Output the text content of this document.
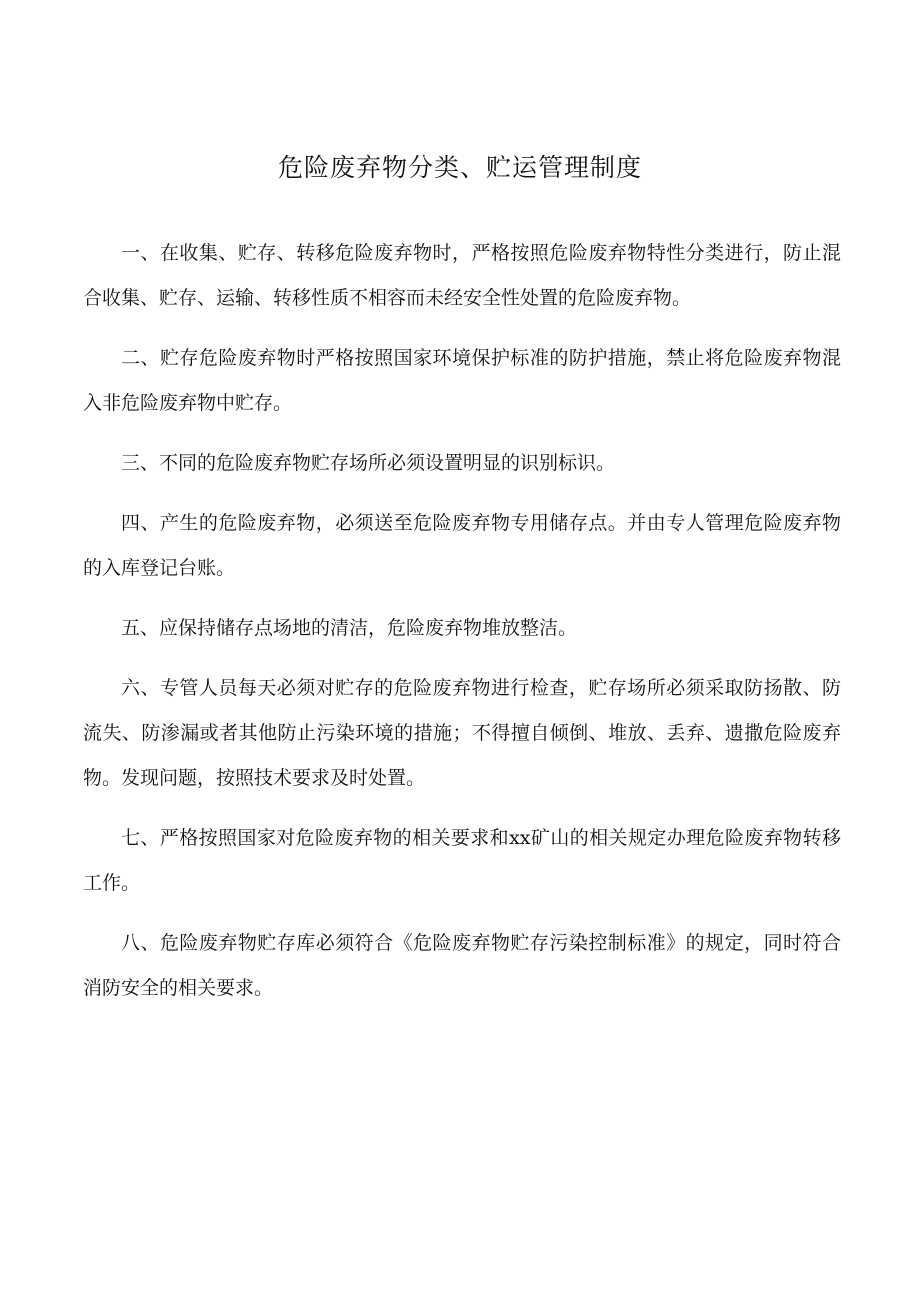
危险废弃物分类、贮运管理制度

一、在收集、贮存、转移危险废弃物时，严格按照危险废弃物特性分类进行，防止混合收集、贮存、运输、转移性质不相容而未经安全性处置的危险废弃物。

二、贮存危险废弃物时严格按照国家环境保护标准的防护措施，禁止将危险废弃物混入非危险废弃物中贮存。

三、不同的危险废弃物贮存场所必须设置明显的识别标识。

四、产生的危险废弃物，必须送至危险废弃物专用储存点。并由专人管理危险废弃物的入库登记台账。

五、应保持储存点场地的清洁，危险废弃物堆放整洁。

六、专管人员每天必须对贮存的危险废弃物进行检查，贮存场所必须采取防扬散、防流失、防渗漏或者其他防止污染环境的措施；不得擅自倾倒、堆放、丢弃、遗撒危险废弃物。发现问题，按照技术要求及时处置。

七、严格按照国家对危险废弃物的相关要求和xx矿山的相关规定办理危险废弃物转移工作。

八、危险废弃物贮存库必须符合《危险废弃物贮存污染控制标准》的规定，同时符合消防安全的相关要求。
